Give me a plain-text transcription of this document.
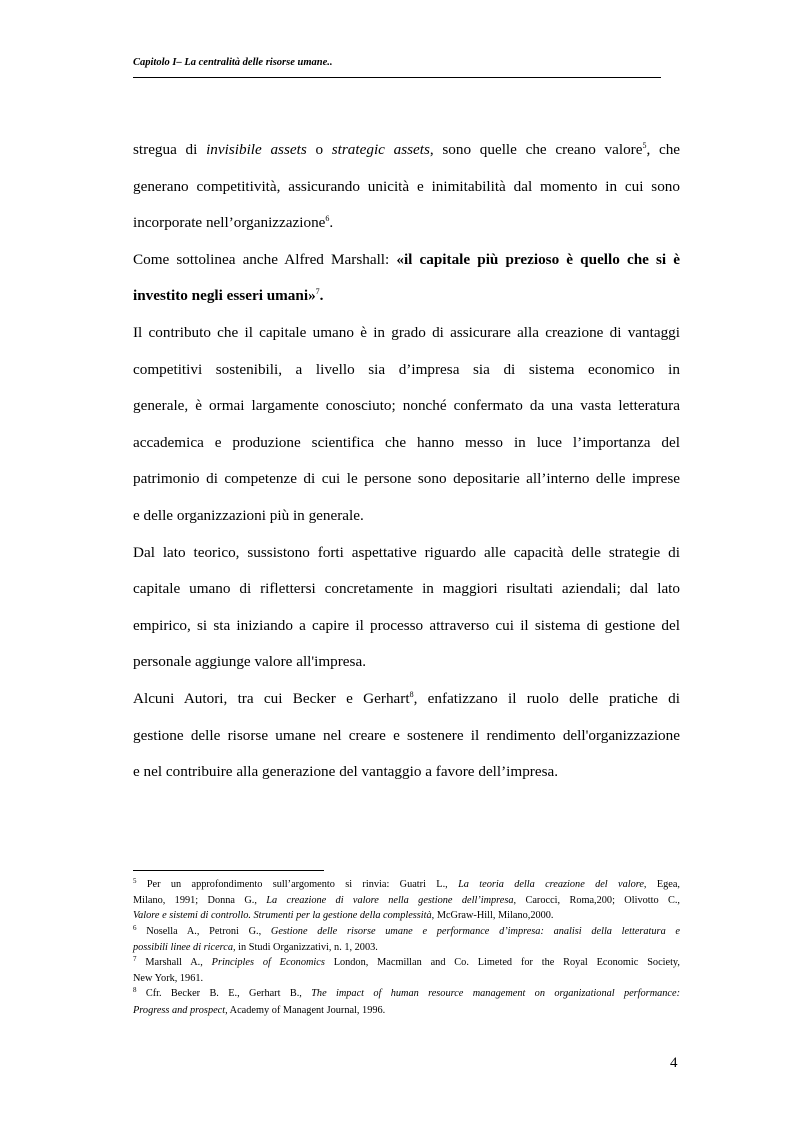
Capitolo I– La centralità delle risorse umane..

stregua di invisibile assets o strategic assets, sono quelle che creano valore$^5$, che
generano competitività, assicurando unicità e inimitabilità dal momento in cui sono
incorporate nell’organizzazione$^6$.

Come sottolinea anche Alfred Marshall: «il capitale più prezioso è quello che si è
investito negli esseri umani»$^7$.

Il contributo che il capitale umano è in grado di assicurare alla creazione di vantaggi
competitivi sostenibili, a livello sia d’impresa sia di sistema economico in
generale, è ormai largamente conosciuto; nonché confermato da una vasta letteratura
accademica e produzione scientifica che hanno messo in luce l’importanza del
patrimonio di competenze di cui le persone sono depositarie all’interno delle imprese
e delle organizzazioni più in generale.

Dal lato teorico, sussistono forti aspettative riguardo alle capacità delle strategie di
capitale umano di riflettersi concretamente in maggiori risultati aziendali; dal lato
empirico, si sta iniziando a capire il processo attraverso cui il sistema di gestione del
personale aggiunge valore all'impresa.

Alcuni Autori, tra cui Becker e Gerhart$^8$, enfatizzano il ruolo delle pratiche di
gestione delle risorse umane nel creare e sostenere il rendimento dell'organizzazione
e nel contribuire alla generazione del vantaggio a favore dell’impresa.

$^5$ Per un approfondimento sull’argomento si rinvia: Guatri L., La teoria della creazione del valore, Egea,
Milano, 1991; Donna G., La creazione di valore nella gestione dell’impresa, Carocci, Roma,200; Olivotto C.,
Valore e sistemi di controllo. Strumenti per la gestione della complessità, McGraw-Hill, Milano,2000.
$^6$ Nosella A., Petroni G., Gestione delle risorse umane e performance d’impresa: analisi della letteratura e
possibili linee di ricerca, in Studi Organizzativi, n. 1, 2003.
$^7$ Marshall A., Principles of Economics London, Macmillan and Co. Limeted for the Royal Economic Society,
New York, 1961.
$^8$ Cfr. Becker B. E., Gerhart B., The impact of human resource management on organizational performance:
Progress and prospect, Academy of Managent Journal, 1996.
4
